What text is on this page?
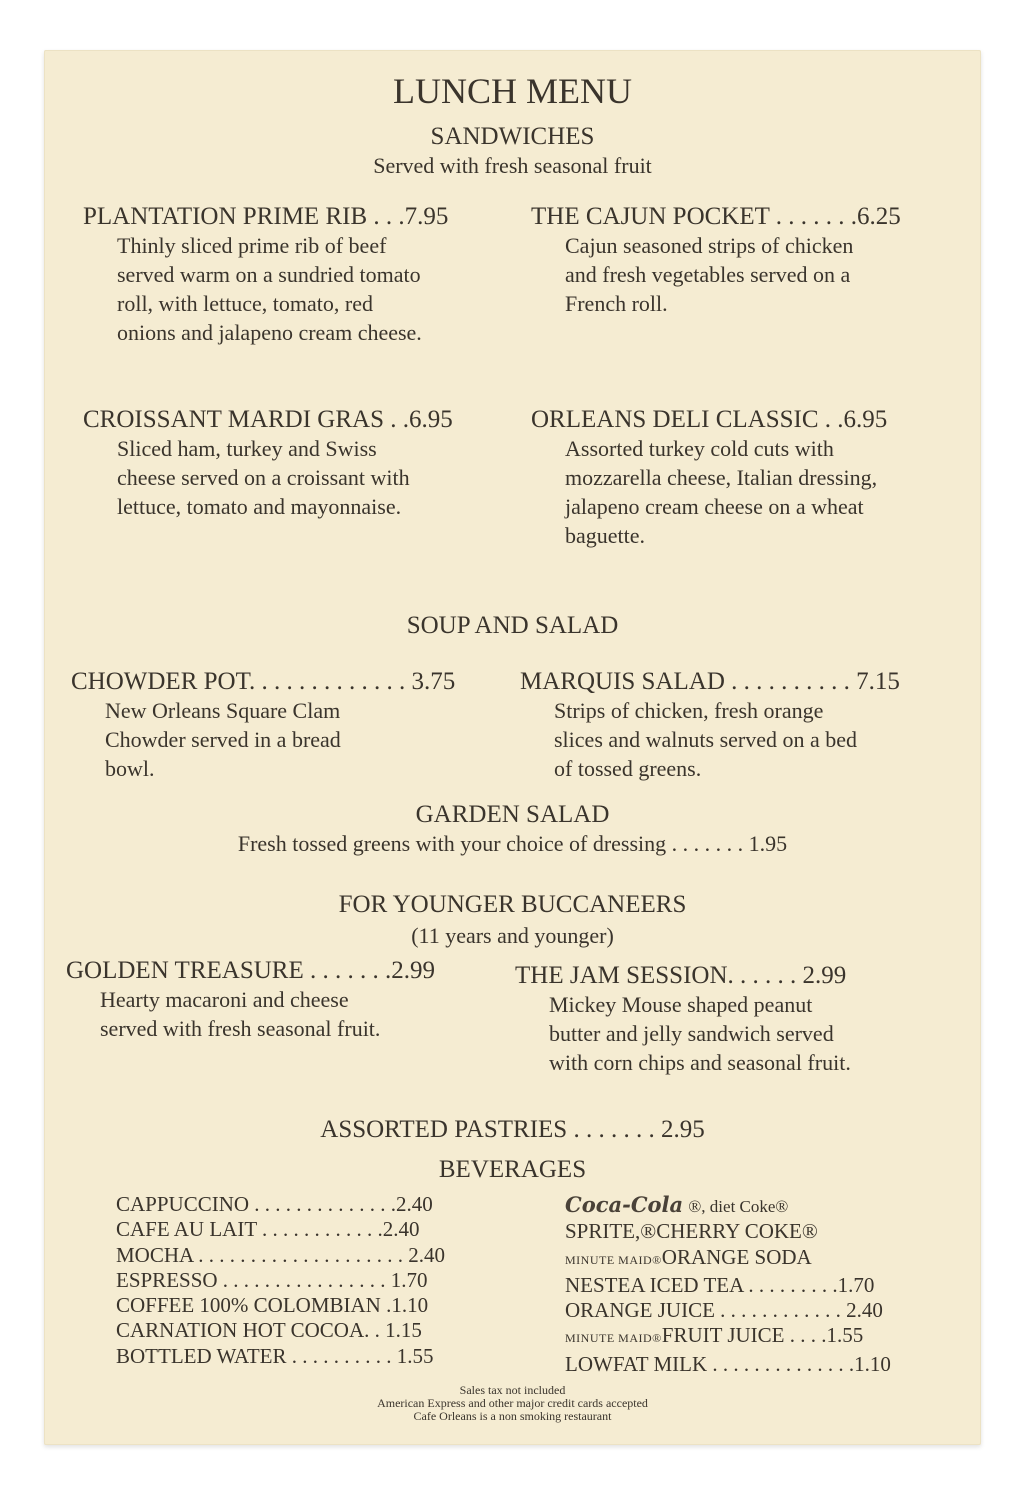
LUNCH MENU
SANDWICHES
Served with fresh seasonal fruit
PLANTATION PRIME RIB . . .7.95
Thinly sliced prime rib of beef
served warm on a sundried tomato
roll, with lettuce, tomato, red
onions and jalapeno cream cheese.
THE CAJUN POCKET . . . . . . .6.25
Cajun seasoned strips of chicken
and fresh vegetables served on a
French roll.
CROISSANT MARDI GRAS . .6.95
Sliced ham, turkey and Swiss
cheese served on a croissant with
lettuce, tomato and mayonnaise.
ORLEANS DELI CLASSIC . .6.95
Assorted turkey cold cuts with
mozzarella cheese, Italian dressing,
jalapeno cream cheese on a wheat
baguette.
SOUP AND SALAD
CHOWDER POT. . . . . . . . . . . . . 3.75
New Orleans Square Clam
Chowder served in a bread
bowl.
MARQUIS SALAD . . . . . . . . . . 7.15
Strips of chicken, fresh orange
slices and walnuts served on a bed
of tossed greens.
GARDEN SALAD
Fresh tossed greens with your choice of dressing . . . . . . . 1.95
FOR YOUNGER BUCCANEERS
(11 years and younger)
GOLDEN TREASURE . . . . . . .2.99
Hearty macaroni and cheese
served with fresh seasonal fruit.
THE JAM SESSION. . . . . . 2.99
Mickey Mouse shaped peanut
butter and jelly sandwich served
with corn chips and seasonal fruit.
ASSORTED PASTRIES . . . . . . . 2.95
BEVERAGES
CAPPUCCINO . . . . . . . . . . . . . .2.40
CAFE AU LAIT . . . . . . . . . . . .2.40
MOCHA . . . . . . . . . . . . . . . . . . . . 2.40
ESPRESSO . . . . . . . . . . . . . . . . 1.70
COFFEE 100% COLOMBIAN .1.10
CARNATION HOT COCOA. . 1.15
BOTTLED WATER . . . . . . . . . . 1.55
Coca-Cola ®, diet Coke®
SPRITE,®CHERRY COKE®
MINUTE MAID®ORANGE SODA
NESTEA ICED TEA . . . . . . . . .1.70
ORANGE JUICE . . . . . . . . . . . . 2.40
MINUTE MAID®FRUIT JUICE . . . .1.55
LOWFAT MILK . . . . . . . . . . . . . .1.10
Sales tax not included
American Express and other major credit cards accepted
Cafe Orleans is a non smoking restaurant
